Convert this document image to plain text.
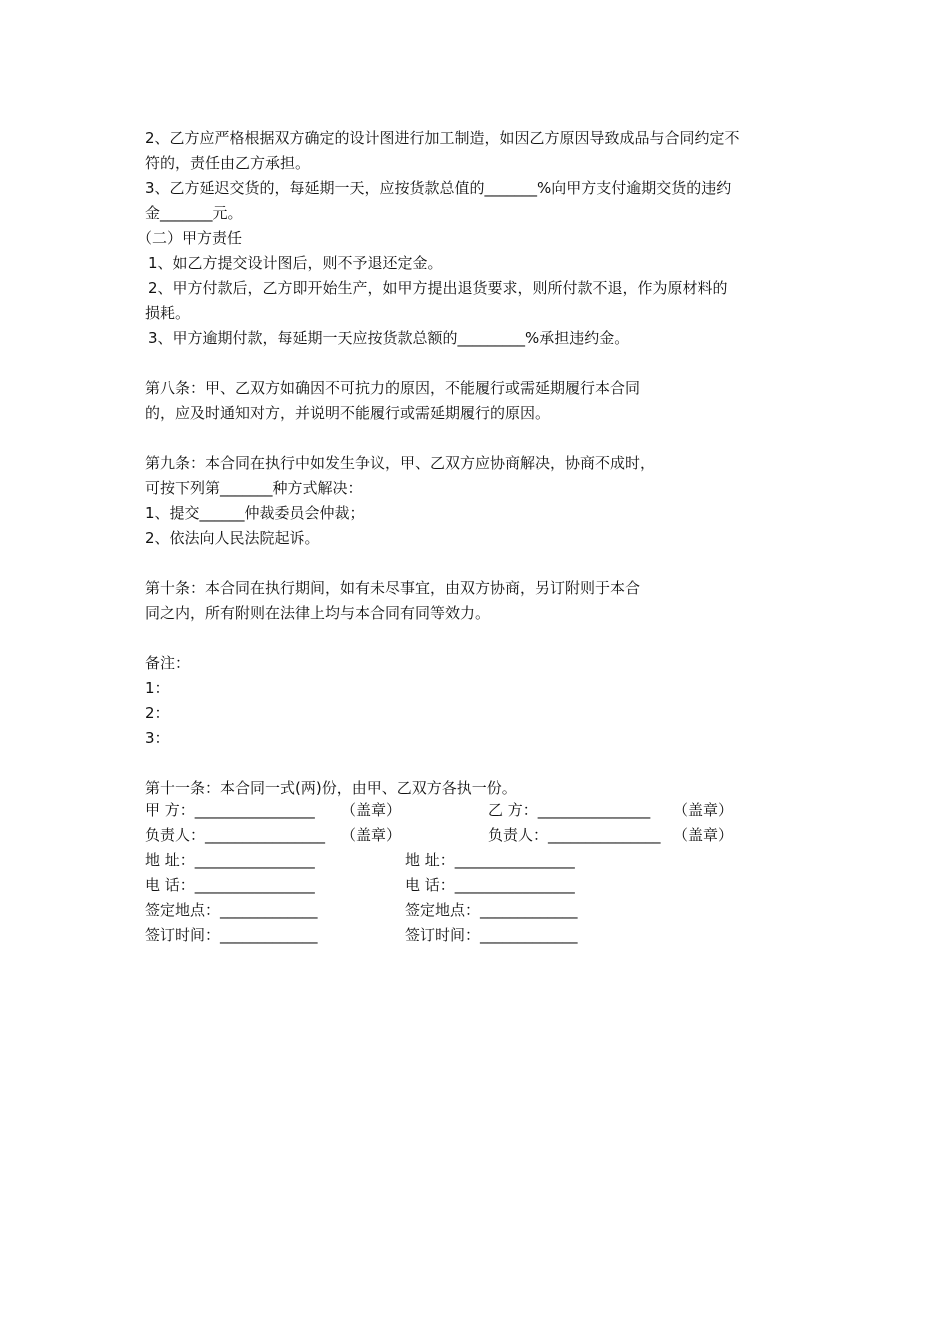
2、乙方应严格根据双方确定的设计图进行加工制造，如因乙方原因导致成品与合同约定不
符的，责任由乙方承担。
3、乙方延迟交货的，每延期一天，应按货款总值的_______%向甲方支付逾期交货的违约
金_______元。
（二）甲方责任
1、如乙方提交设计图后，则不予退还定金。
2、甲方付款后，乙方即开始生产，如甲方提出退货要求，则所付款不退，作为原材料的
损耗。
3、甲方逾期付款，每延期一天应按货款总额的_________%承担违约金。
第八条：甲、乙双方如确因不可抗力的原因，不能履行或需延期履行本合同
的，应及时通知对方，并说明不能履行或需延期履行的原因。
第九条：本合同在执行中如发生争议，甲、乙双方应协商解决，协商不成时，
可按下列第_______种方式解决：
1、提交______仲裁委员会仲裁；
2、依法向人民法院起诉。
第十条：本合同在执行期间，如有未尽事宜，由双方协商，另订附则于本合
同之内，所有附则在法律上均与本合同有同等效力。
备注：
1：
2：
3：
第十一条：本合同一式(两)份，由甲、乙双方各执一份。
甲 方：________________ （盖章）	乙 方：_______________ （盖章）
负责人：________________ （盖章）	负责人：_______________ （盖章）
地 址：________________	地 址：________________
电 话：________________	电 话：________________
签定地点：_____________	签定地点：_____________
签订时间：_____________	签订时间：_____________
